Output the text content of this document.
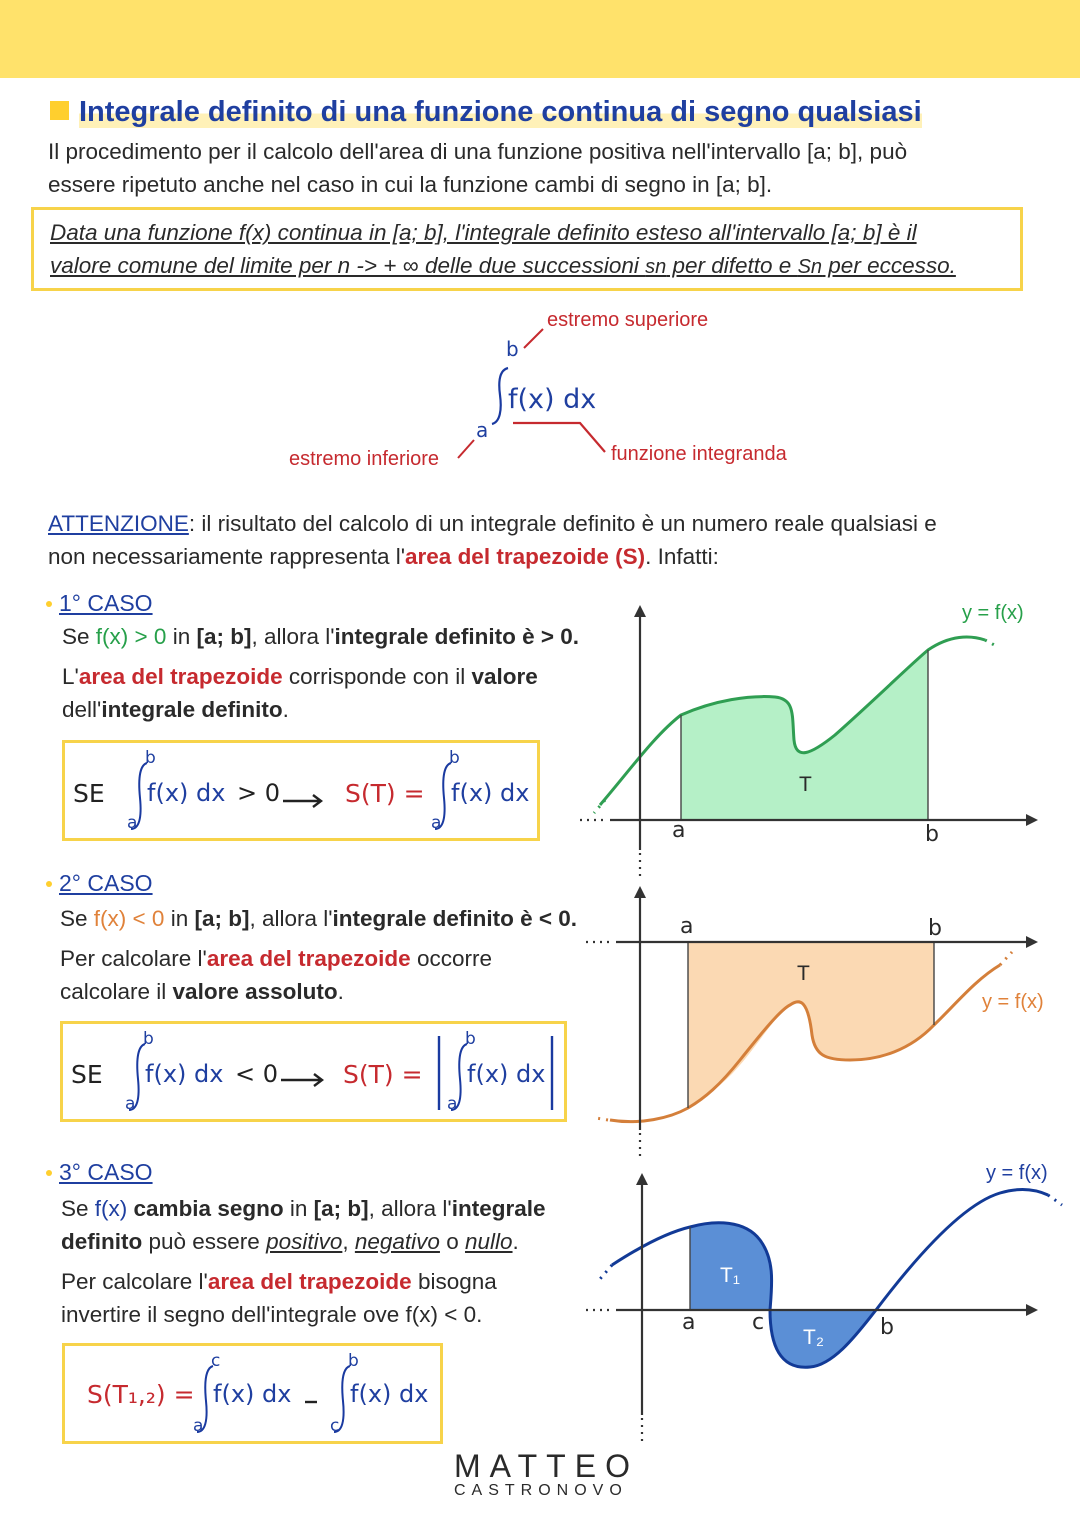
Integrale definito di una funzione continua di segno qualsiasi
Il procedimento per il calcolo dell'area di una funzione positiva nell'intervallo [a; b], può
essere ripetuto anche nel caso in cui la funzione cambi di segno in [a; b].
Data una funzione f(x) continua in [a; b], l'integrale definito esteso all'intervallo [a; b] è il
valore comune del limite per n -> + ∞ delle due successioni sn per difetto e Sn per eccesso.
estremo superiore
estremo inferiore	funzione integranda
b
a
f(x) dx
ATTENZIONE: il risultato del calcolo di un integrale definito è un numero reale qualsiasi e
non necessariamente rappresenta l'area del trapezoide (S). Infatti:
1° CASO
Se f(x) > 0 in [a; b], allora l'integrale definito è > 0.
L'area del trapezoide corrisponde con il valore
dell'integrale definito.
SE
b
a
f(x) dx > 0	S(T) =
b
a
f(x) dx
y = f(x)
T
a	b
2° CASO
Se f(x) < 0 in [a; b], allora l'integrale definito è < 0.
Per calcolare l'area del trapezoide occorre
calcolare il valore assoluto.
SE
b
a
f(x) dx < 0	S(T) =
b
a
f(x) dx
y = f(x)
T
a	b
3° CASO
Se f(x) cambia segno in [a; b], allora l'integrale
definito può essere positivo, negativo o nullo.
Per calcolare l'area del trapezoide bisogna
invertire il segno dell'integrale ove f(x) < 0.
S(T₁,₂) =
c
a
f(x) dx
b
c
f(x) dx
y = f(x)
T₁
T₂
a	c	b
MATTEO
CASTRONOVO
